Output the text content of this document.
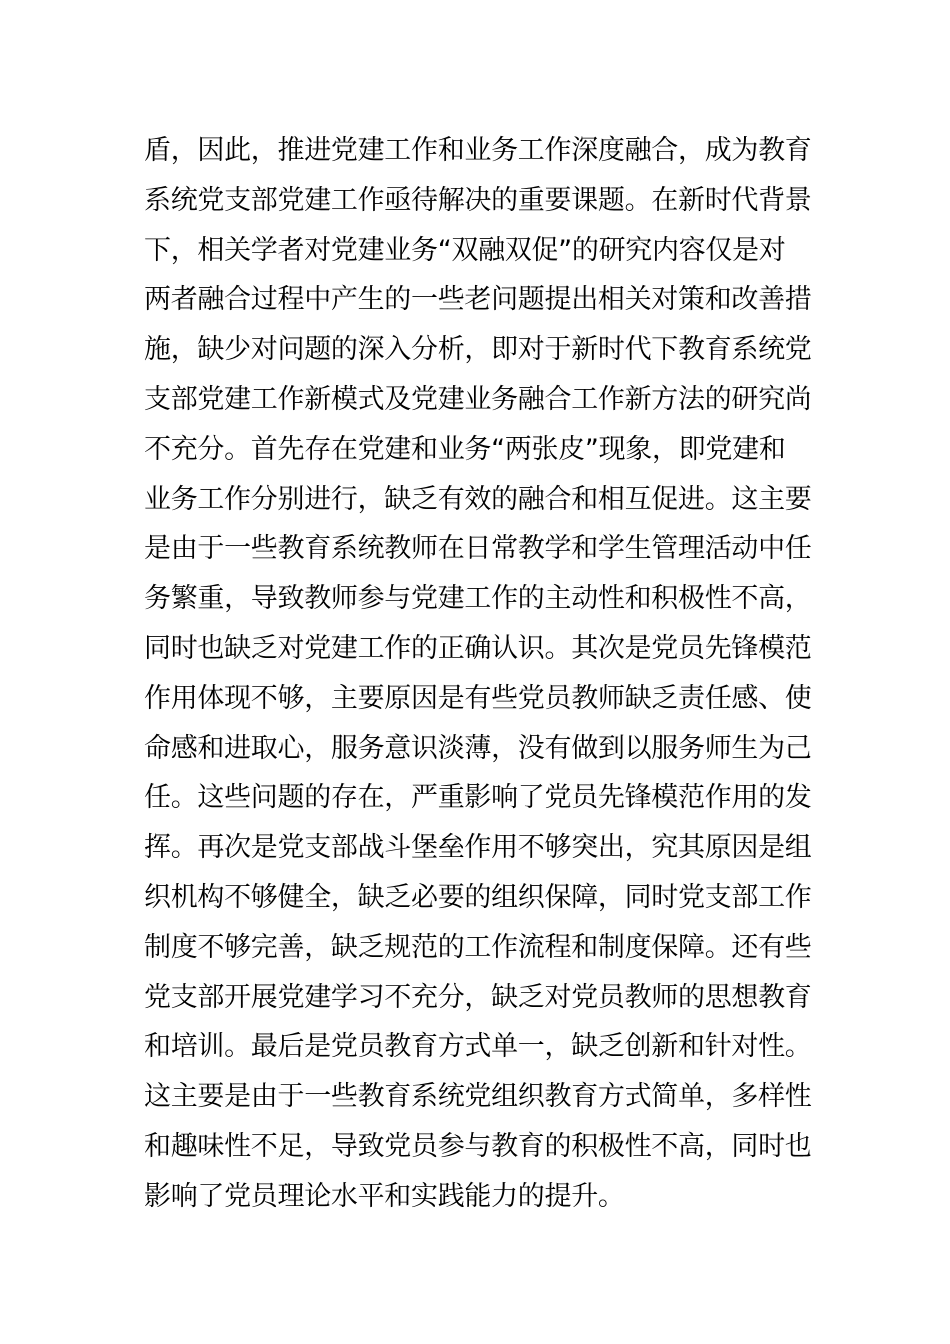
盾，因此，推进党建工作和业务工作深度融合，成为教育
系统党支部党建工作亟待解决的重要课题。在新时代背景
下，相关学者对党建业务“双融双促”的研究内容仅是对
两者融合过程中产生的一些老问题提出相关对策和改善措
施，缺少对问题的深入分析，即对于新时代下教育系统党
支部党建工作新模式及党建业务融合工作新方法的研究尚
不充分。首先存在党建和业务“两张皮”现象，即党建和
业务工作分别进行，缺乏有效的融合和相互促进。这主要
是由于一些教育系统教师在日常教学和学生管理活动中任
务繁重，导致教师参与党建工作的主动性和积极性不高，
同时也缺乏对党建工作的正确认识。其次是党员先锋模范
作用体现不够，主要原因是有些党员教师缺乏责任感、使
命感和进取心，服务意识淡薄，没有做到以服务师生为己
任。这些问题的存在，严重影响了党员先锋模范作用的发
挥。再次是党支部战斗堡垒作用不够突出，究其原因是组
织机构不够健全，缺乏必要的组织保障，同时党支部工作
制度不够完善，缺乏规范的工作流程和制度保障。还有些
党支部开展党建学习不充分，缺乏对党员教师的思想教育
和培训。最后是党员教育方式单一，缺乏创新和针对性。
这主要是由于一些教育系统党组织教育方式简单，多样性
和趣味性不足，导致党员参与教育的积极性不高，同时也
影响了党员理论水平和实践能力的提升。
